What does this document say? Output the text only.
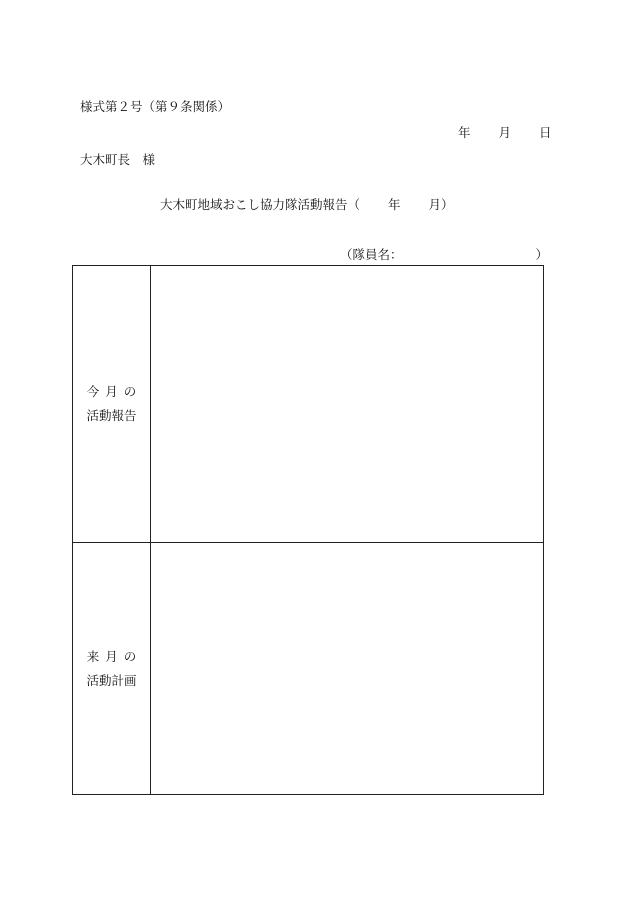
様式第２号（第９条関係）
年 月 日
大木町長　様
大木町地域おこし協力隊活動報告（ 年 月）
（隊員名：	）
今月の
活動報告
来月の
活動計画
